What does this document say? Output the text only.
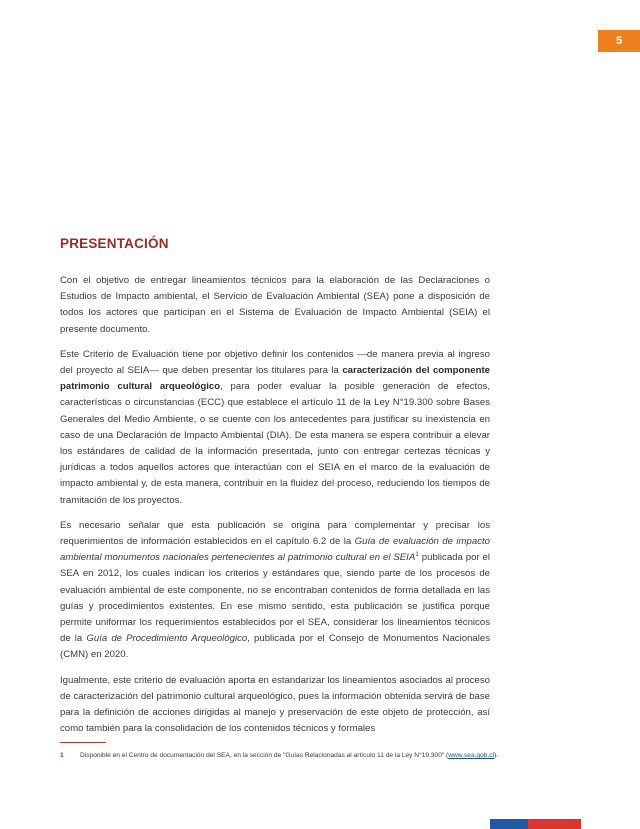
5
PRESENTACIÓN

Con el objetivo de entregar lineamientos técnicos para la elaboración de las Declaraciones o Estudios de Impacto ambiental, el Servicio de Evaluación Ambiental (SEA) pone a disposición de todos los actores que participan en el Sistema de Evaluación de Impacto Ambiental (SEIA) el presente documento.

Este Criterio de Evaluación tiene por objetivo definir los contenidos —de manera previa al ingreso del proyecto al SEIA— que deben presentar los titulares para la caracterización del componente patrimonio cultural arqueológico, para poder evaluar la posible generación de efectos, características o circunstancias (ECC) que establece el artículo 11 de la Ley N°19.300 sobre Bases Generales del Medio Ambiente, o se cuente con los antecedentes para justificar su inexistencia en caso de una Declaración de Impacto Ambiental (DIA). De esta manera se espera contribuir a elevar los estándares de calidad de la información presentada, junto con entregar certezas técnicas y jurídicas a todos aquellos actores que interactúan con el SEIA en el marco de la evaluación de impacto ambiental y, de esta manera, contribuir en la fluidez del proceso, reduciendo los tiempos de tramitación de los proyectos.

Es necesario señalar que esta publicación se origina para complementar y precisar los requerimientos de información establecidos en el capítulo 6.2 de la Guía de evaluación de impacto ambiental monumentos nacionales pertenecientes al patrimonio cultural en el SEIA$^1$ publicada por el SEA en 2012, los cuales indican los criterios y estándares que, siendo parte de los procesos de evaluación ambiental de este componente, no se encontraban contenidos de forma detallada en las guías y procedimientos existentes. En ese mismo sentido, esta publicación se justifica porque permite uniformar los requerimientos establecidos por el SEA, considerar los lineamientos técnicos de la Guía de Procedimiento Arqueológico, publicada por el Consejo de Monumentos Nacionales (CMN) en 2020.

Igualmente, este criterio de evaluación aporta en estandarizar los lineamientos asociados al proceso de caracterización del patrimonio cultural arqueológico, pues la información obtenida servirá de base para la definición de acciones dirigidas al manejo y preservación de este objeto de protección, así como también para la consolidación de los contenidos técnicos y formales

1	Disponible en el Centro de documentación del SEA, en la sección de "Guías Relacionadas al artículo 11 de la Ley N°19.300" (www.sea.gob.cl).
